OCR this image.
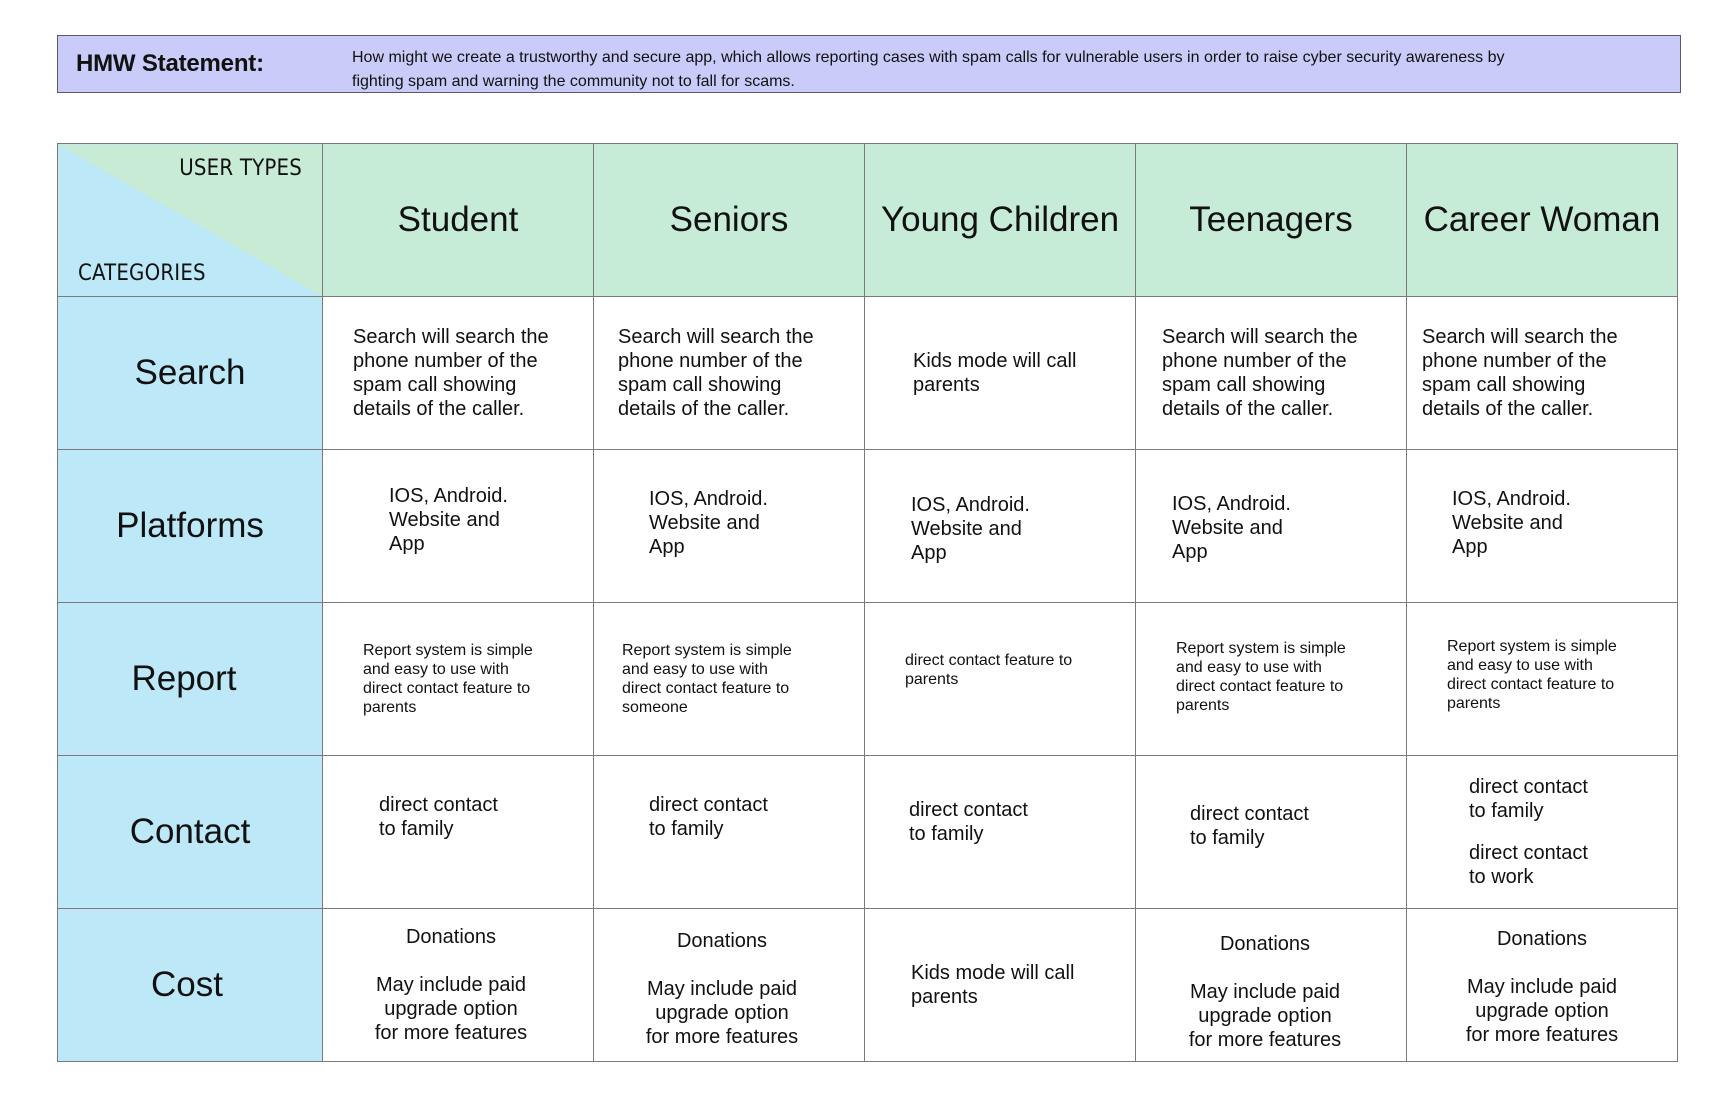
HMW Statement:	How might we create a trustworthy and secure app, which allows reporting cases with spam calls for vulnerable users in order to raise cyber security awareness by
fighting spam and warning the community not to fall for scams.
USER TYPES
CATEGORIES	Student	Seniors	Young Children	Teenagers	Career Woman
Search	Search will search the
phone number of the
spam call showing
details of the caller.	Search will search the
phone number of the
spam call showing
details of the caller.	Kids mode will call
parents	Search will search the
phone number of the
spam call showing
details of the caller.	Search will search the
phone number of the
spam call showing
details of the caller.

Platforms	IOS, Android.
Website and
App	IOS, Android.
Website and
App	IOS, Android.
Website and
App	IOS, Android.
Website and
App	IOS, Android.
Website and
App

Report	Report system is simple
and easy to use with
direct contact feature to
parents	Report system is simple
and easy to use with
direct contact feature to
someone	direct contact feature to
parents	Report system is simple
and easy to use with
direct contact feature to
parents	Report system is simple
and easy to use with
direct contact feature to
parents

Contact	direct contact
to family	direct contact
to family	direct contact
to family	direct contact
to family	direct contact
to family
direct contact
to work

Cost	Donations
May include paid
upgrade option
for more features	Donations
May include paid
upgrade option
for more features	Kids mode will call
parents	Donations
May include paid
upgrade option
for more features	Donations
May include paid
upgrade option
for more features
